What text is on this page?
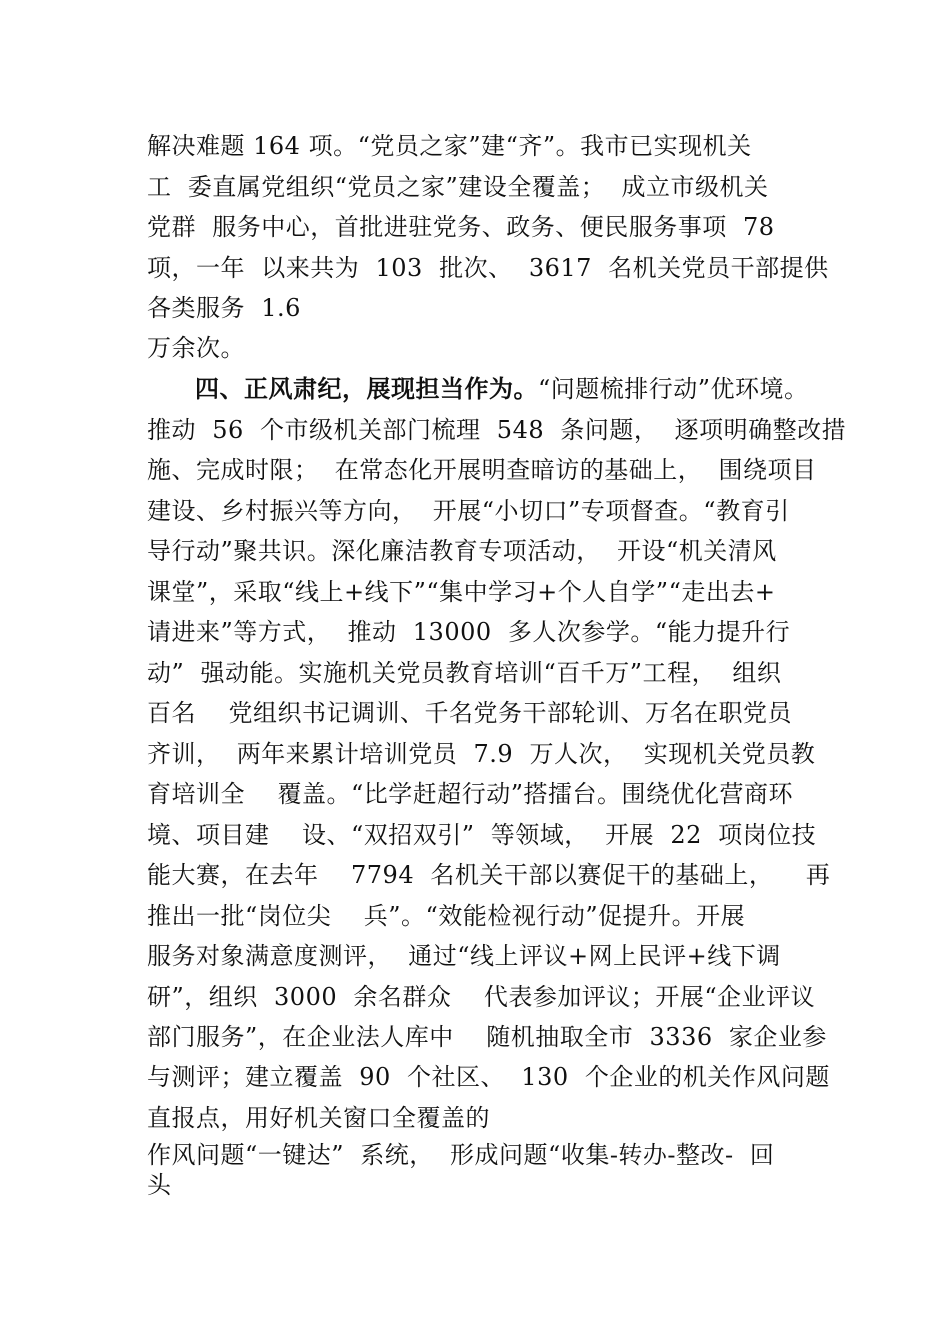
解决难题 164 项。“党员之家”建“齐”。我市已实现机关
工  委直属党组织“党员之家”建设全覆盖；  成立市级机关
党群  服务中心，首批进驻党务、政务、便民服务事项  78
项，一年  以来共为  103  批次、  3617  名机关党员干部提供
各类服务  1.6
万余次。
四、正风肃纪，展现担当作为。“问题梳排行动”优环境。
推动  56  个市级机关部门梳理  548  条问题，  逐项明确整改措
施、完成时限；  在常态化开展明查暗访的基础上，  围绕项目
建设、乡村振兴等方向，  开展“小切口”专项督查。“教育引
导行动”聚共识。深化廉洁教育专项活动，  开设“机关清风
课堂”，采取“线上+线下”“集中学习+个人自学”“走出去+
请进来”等方式，  推动  13000  多人次参学。“能力提升行
动”  强动能。实施机关党员教育培训“百千万”工程，  组织
百名    党组织书记调训、千名党务干部轮训、万名在职党员
齐训，  两年来累计培训党员  7.9  万人次，  实现机关党员教
育培训全    覆盖。“比学赶超行动”搭擂台。围绕优化营商环
境、项目建    设、“双招双引”  等领域，  开展  22  项岗位技
能大赛，在去年    7794  名机关干部以赛促干的基础上，    再
推出一批“岗位尖    兵”。“效能检视行动”促提升。开展
服务对象满意度测评，  通过“线上评议+网上民评+线下调
研”，组织  3000  余名群众    代表参加评议；开展“企业评议
部门服务”，在企业法人库中    随机抽取全市  3336  家企业参
与测评；建立覆盖  90  个社区、  130  个企业的机关作风问题
直报点，用好机关窗口全覆盖的
作风问题“一键达”  系统，  形成问题“收集-转办-整改-  回
头
